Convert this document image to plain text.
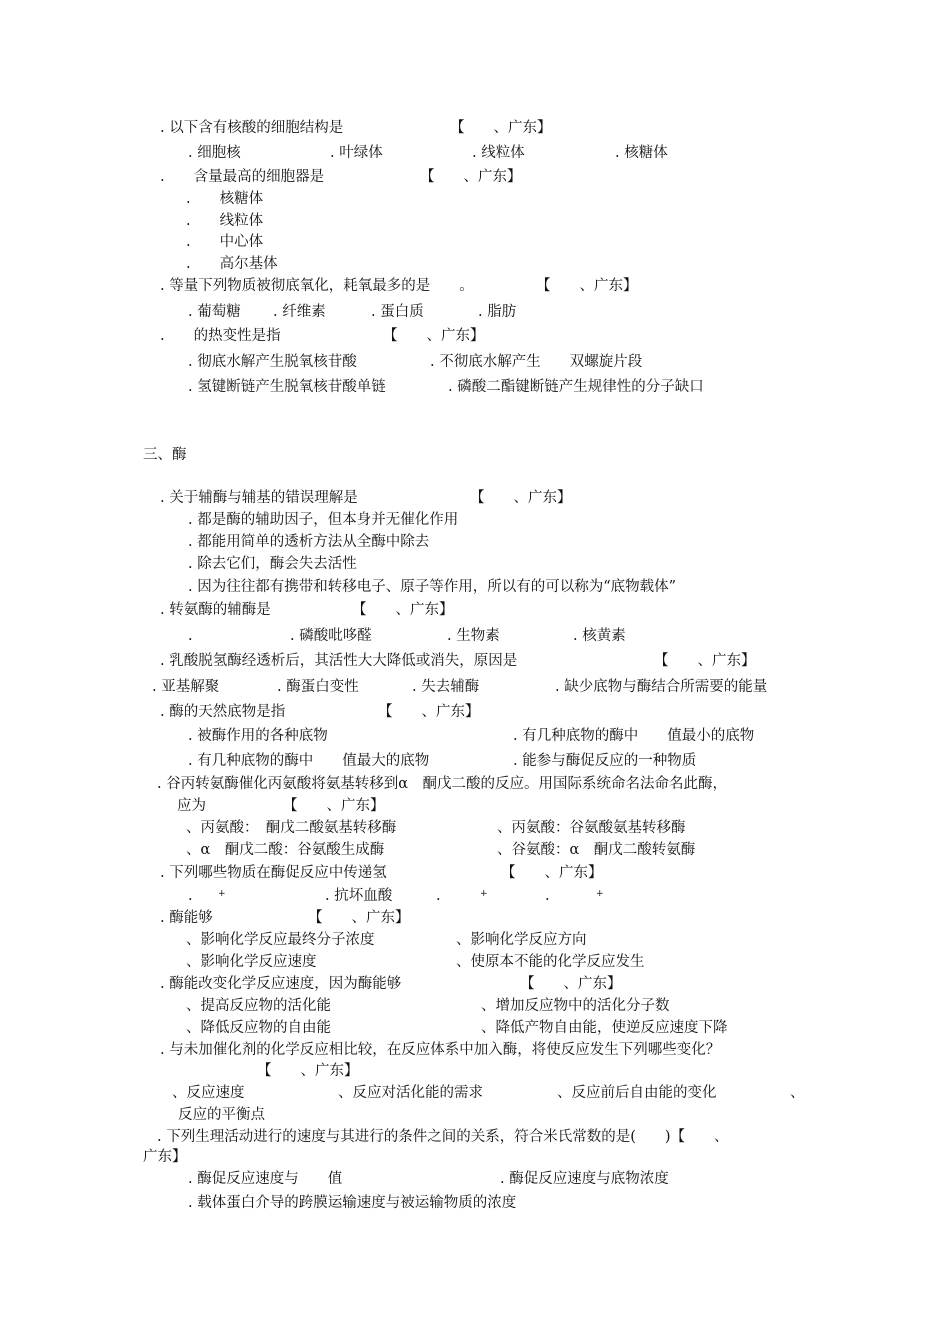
. 以下含有核酸的细胞结构是	【　　、广东】
. 细胞核	. 叶绿体	. 线粒体	. 核糖体
.　　含量最高的细胞器是	【　　、广东】
.　　核糖体
.　　线粒体
.　　中心体
.　　高尔基体
. 等量下列物质被彻底氧化，耗氧最多的是　　。	【　　、广东】
. 葡萄糖 . 纤维素	. 蛋白质	. 脂肪
.　　的热变性是指	【　　、广东】
. 彻底水解产生脱氧核苷酸	. 不彻底水解产生　　双螺旋片段
. 氢键断链产生脱氧核苷酸单链	. 磷酸二酯键断链产生规律性的分子缺口
三、酶
. 关于辅酶与辅基的错误理解是	【　　、广东】
. 都是酶的辅助因子，但本身并无催化作用
. 都能用简单的透析方法从全酶中除去
. 除去它们，酶会失去活性
. 因为往往都有携带和转移电子、原子等作用，所以有的可以称为“底物载体”
. 转氨酶的辅酶是	【　　、广东】
.	. 磷酸吡哆醛	. 生物素	. 核黄素
. 乳酸脱氢酶经透析后，其活性大大降低或消失，原因是	【　　、广东】
. 亚基解聚	. 酶蛋白变性	. 失去辅酶	. 缺少底物与酶结合所需要的能量
. 酶的天然底物是指	【　　、广东】
. 被酶作用的各种底物	. 有几种底物的酶中　　值最小的底物
. 有几种底物的酶中　　值最大的底物	. 能参与酶促反应的一种物质
. 谷丙转氨酶催化丙氨酸将氨基转移到α　酮戊二酸的反应。用国际系统命名法命名此酶，
应为	【　　、广东】
、丙氨酸：　酮戊二酸氨基转移酶	、丙氨酸：谷氨酸氨基转移酶
、α　酮戊二酸：谷氨酸生成酶	、谷氨酸：α　酮戊二酸转氨酶
. 下列哪些物质在酶促反应中传递氢	【　　、广东】
.	+	. 抗坏血酸	.	+	.	+
. 酶能够	【　　、广东】
、影响化学反应最终分子浓度	、影响化学反应方向
、影响化学反应速度	、使原本不能的化学反应发生
. 酶能改变化学反应速度，因为酶能够	【　　、广东】
、提高反应物的活化能	、增加反应物中的活化分子数
、降低反应物的自由能	、降低产物自由能，使逆反应速度下降
. 与未加催化剂的化学反应相比较，在反应体系中加入酶，将使反应发生下列哪些变化？
【　　、广东】
、反应速度	、反应对活化能的需求	、反应前后自由能的变化	、
反应的平衡点
. 下列生理活动进行的速度与其进行的条件之间的关系，符合米氏常数的是(　　)【　　、
广东】
. 酶促反应速度与　　值	. 酶促反应速度与底物浓度
. 载体蛋白介导的跨膜运输速度与被运输物质的浓度
